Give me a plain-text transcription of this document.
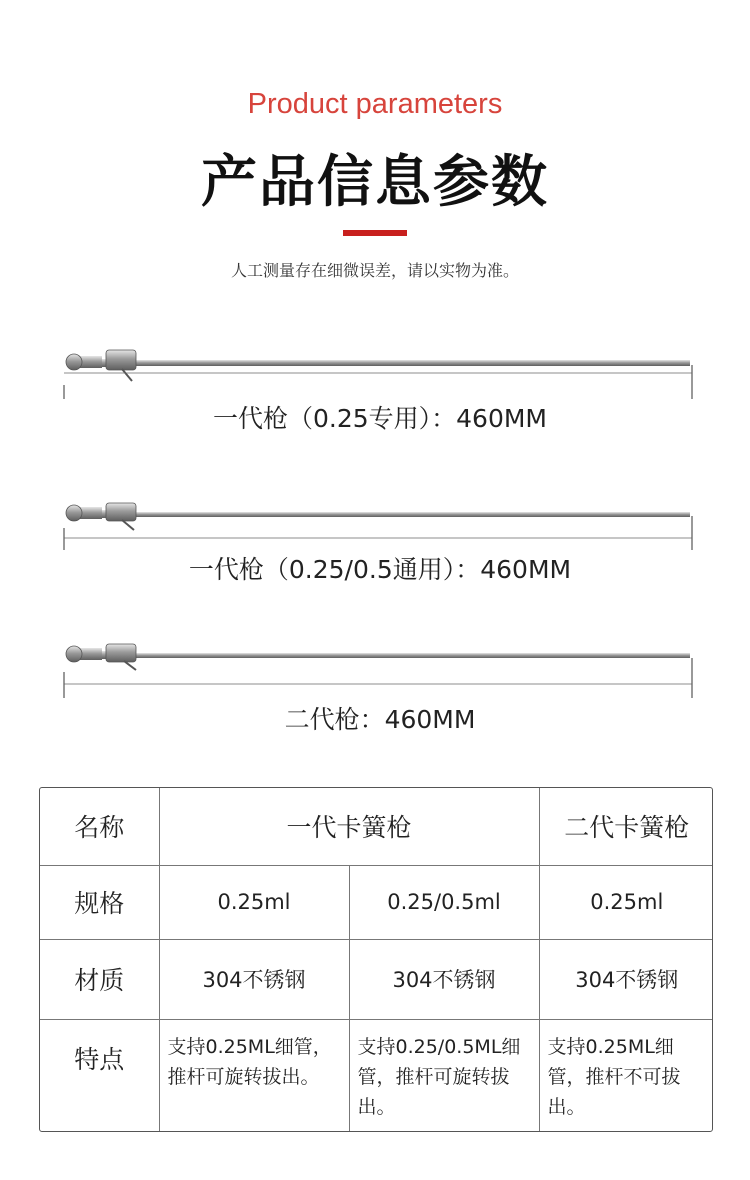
Product parameters
产品信息参数
人工测量存在细微误差，请以实物为准。
一代枪（0.25专用）：460MM
一代枪（0.25/0.5通用）：460MM
二代枪：460MM
名称	一代卡簧枪		二代卡簧枪
规格	0.25ml	0.25/0.5ml	0.25ml
材质	304不锈钢	304不锈钢	304不锈钢
特点	支持0.25ML细管，推杆可旋转拔出。	支持0.25/0.5ML细管，推杆可旋转拔出。	支持0.25ML细管，推杆不可拔出。
